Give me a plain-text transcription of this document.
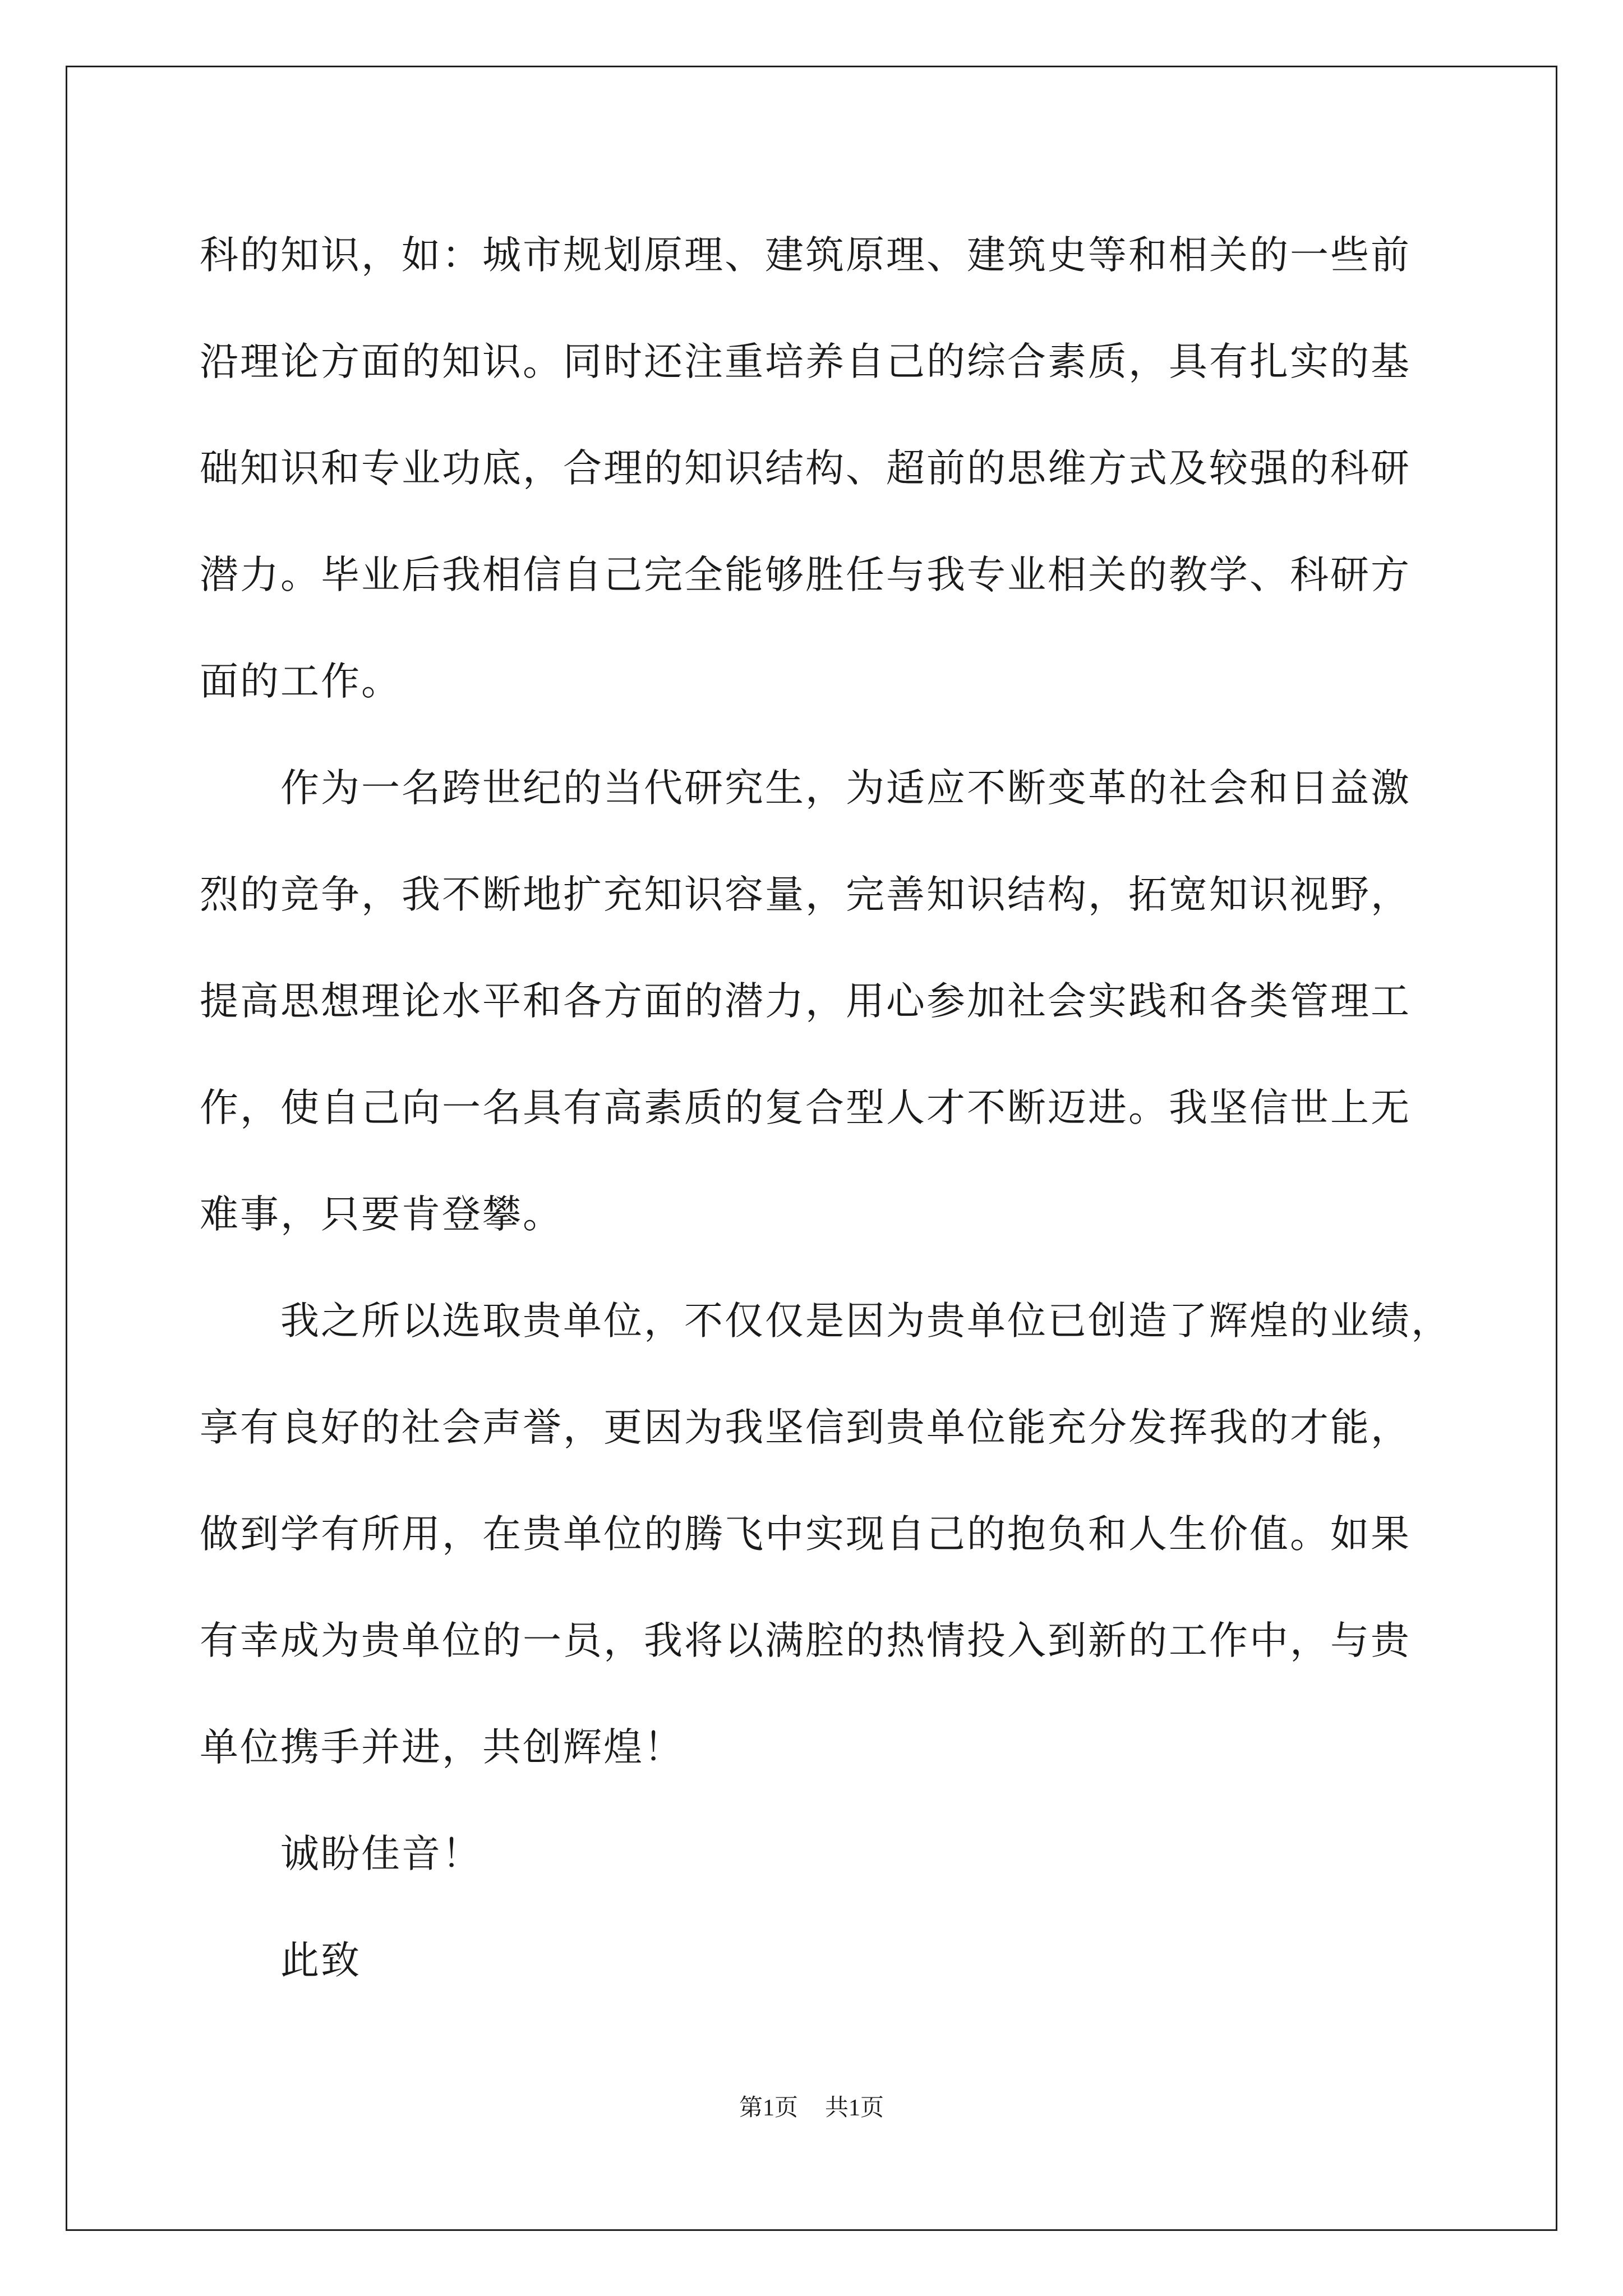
科的知识，如：城市规划原理、建筑原理、建筑史等和相关的一些前

沿理论方面的知识。同时还注重培养自己的综合素质，具有扎实的基

础知识和专业功底，合理的知识结构、超前的思维方式及较强的科研

潜力。毕业后我相信自己完全能够胜任与我专业相关的教学、科研方

面的工作。

作为一名跨世纪的当代研究生，为适应不断变革的社会和日益激

烈的竞争，我不断地扩充知识容量，完善知识结构，拓宽知识视野，

提高思想理论水平和各方面的潜力，用心参加社会实践和各类管理工

作，使自己向一名具有高素质的复合型人才不断迈进。我坚信世上无

难事，只要肯登攀。

我之所以选取贵单位，不仅仅是因为贵单位已创造了辉煌的业绩，

享有良好的社会声誉，更因为我坚信到贵单位能充分发挥我的才能，

做到学有所用，在贵单位的腾飞中实现自己的抱负和人生价值。如果

有幸成为贵单位的一员，我将以满腔的热情投入到新的工作中，与贵

单位携手并进，共创辉煌！

诚盼佳音！

此致

第1页 共1页
